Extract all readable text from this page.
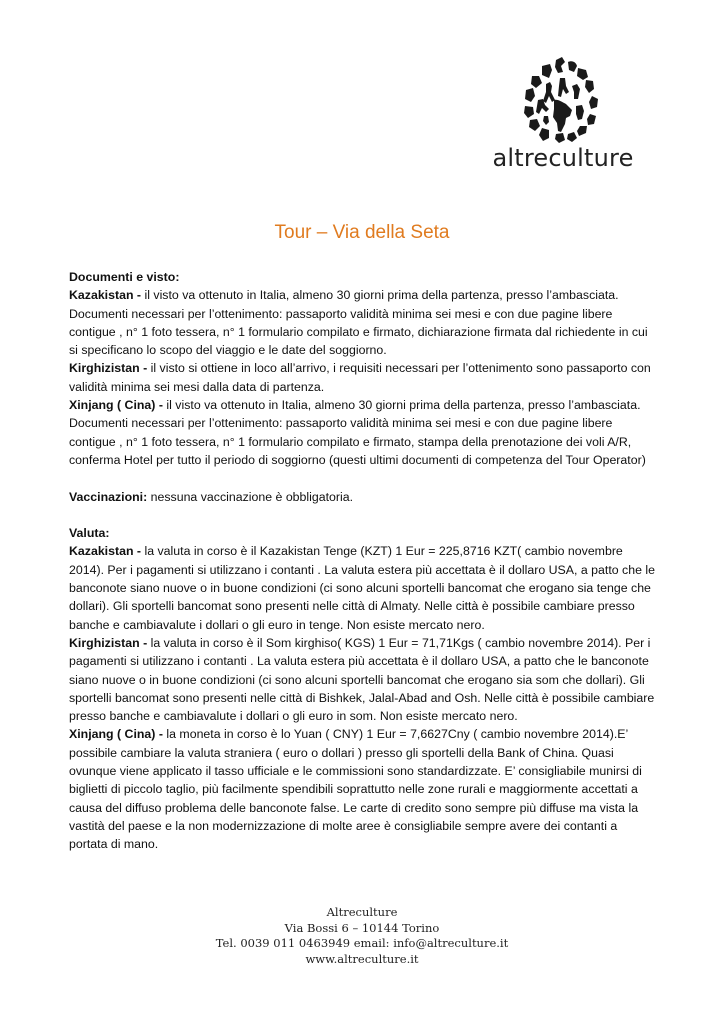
altreculture
Tour – Via della Seta

Documenti e visto:

Kazakistan - il visto va ottenuto in Italia, almeno 30 giorni prima della partenza, presso l’ambasciata. Documenti necessari per l’ottenimento: passaporto validità minima sei mesi e con due pagine libere contigue , n° 1 foto tessera, n° 1 formulario compilato e firmato, dichiarazione firmata dal richiedente in cui si specificano lo scopo del viaggio e le date del soggiorno.

Kirghizistan - il visto si ottiene in loco all’arrivo, i requisiti necessari per l’ottenimento sono passaporto con validità minima sei mesi dalla data di partenza.

Xinjang ( Cina) - il visto va ottenuto in Italia, almeno 30 giorni prima della partenza, presso l’ambasciata. Documenti necessari per l’ottenimento: passaporto validità minima sei mesi e con due pagine libere contigue , n° 1 foto tessera, n° 1 formulario compilato e firmato, stampa della prenotazione dei voli A/R, conferma Hotel per tutto il periodo di soggiorno (questi ultimi documenti di competenza del Tour Operator)

Vaccinazioni: nessuna vaccinazione è obbligatoria.

Valuta:

Kazakistan - la valuta in corso è il Kazakistan Tenge (KZT) 1 Eur = 225,8716 KZT( cambio novembre 2014). Per i pagamenti si utilizzano i contanti . La valuta estera più accettata è il dollaro USA, a patto che le banconote siano nuove o in buone condizioni (ci sono alcuni sportelli bancomat che erogano sia tenge che dollari). Gli sportelli bancomat sono presenti nelle città di Almaty. Nelle città è possibile cambiare presso banche e cambiavalute i dollari o gli euro in tenge. Non esiste mercato nero.

Kirghizistan - la valuta in corso è il Som kirghiso( KGS) 1 Eur = 71,71Kgs ( cambio novembre 2014). Per i pagamenti si utilizzano i contanti . La valuta estera più accettata è il dollaro USA, a patto che le banconote siano nuove o in buone condizioni (ci sono alcuni sportelli bancomat che erogano sia som che dollari). Gli sportelli bancomat sono presenti nelle città di Bishkek, Jalal-Abad and Osh. Nelle città è possibile cambiare presso banche e cambiavalute i dollari o gli euro in som. Non esiste mercato nero.

Xinjang ( Cina) - la moneta in corso è lo Yuan ( CNY) 1 Eur = 7,6627Cny ( cambio novembre 2014).E’ possibile cambiare la valuta straniera ( euro o dollari ) presso gli sportelli della Bank of China. Quasi ovunque viene applicato il tasso ufficiale e le commissioni sono standardizzate. E’ consigliabile munirsi di biglietti di piccolo taglio, più facilmente spendibili soprattutto nelle zone rurali e maggiormente accettati a causa del diffuso problema delle banconote false. Le carte di credito sono sempre più diffuse ma vista la vastità del paese e la non modernizzazione di molte aree è consigliabile sempre avere dei contanti a portata di mano.

Altreculture
Via Bossi 6 – 10144 Torino
Tel. 0039 011 0463949 email: info@altreculture.it
www.altreculture.it
